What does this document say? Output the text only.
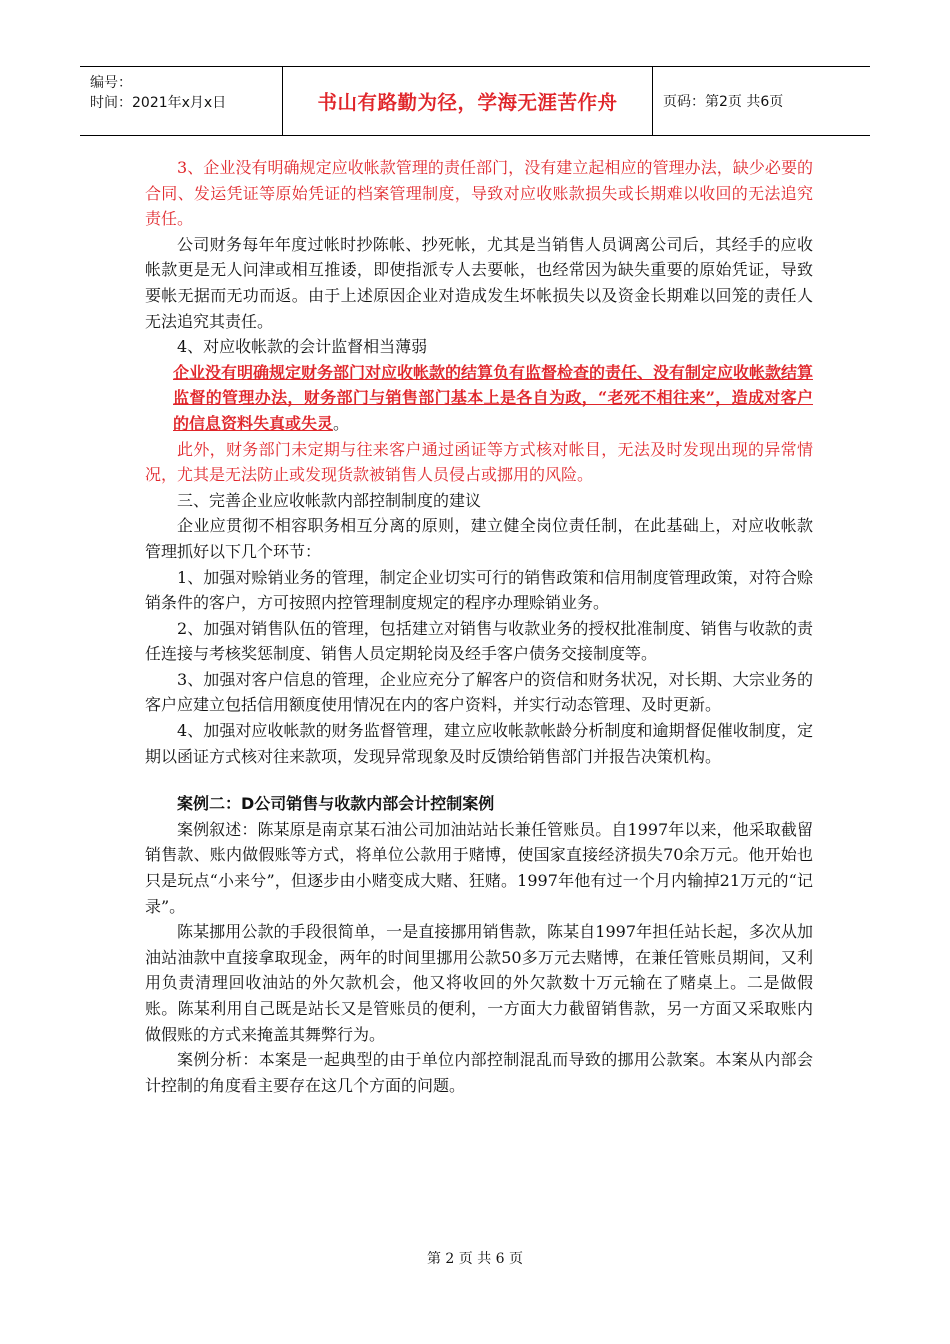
编号：
时间：2021年x月x日	书山有路勤为径，学海无涯苦作舟	页码：第2页 共6页

3、企业没有明确规定应收帐款管理的责任部门，没有建立起相应的管理办法，缺少必要的合同、发运凭证等原始凭证的档案管理制度，导致对应收账款损失或长期难以收回的无法追究责任。

公司财务每年年度过帐时抄陈帐、抄死帐，尤其是当销售人员调离公司后，其经手的应收帐款更是无人问津或相互推诿，即使指派专人去要帐，也经常因为缺失重要的原始凭证，导致要帐无据而无功而返。由于上述原因企业对造成发生坏帐损失以及资金长期难以回笼的责任人无法追究其责任。

4、对应收帐款的会计监督相当薄弱

企业没有明确规定财务部门对应收帐款的结算负有监督检查的责任、没有制定应收帐款结算监督的管理办法，财务部门与销售部门基本上是各自为政，“老死不相往来”，造成对客户的信息资料失真或失灵。

此外，财务部门未定期与往来客户通过函证等方式核对帐目，无法及时发现出现的异常情况，尤其是无法防止或发现货款被销售人员侵占或挪用的风险。

三、完善企业应收帐款内部控制制度的建议

企业应贯彻不相容职务相互分离的原则，建立健全岗位责任制，在此基础上，对应收帐款管理抓好以下几个环节：

1、加强对赊销业务的管理，制定企业切实可行的销售政策和信用制度管理政策，对符合赊销条件的客户，方可按照内控管理制度规定的程序办理赊销业务。

2、加强对销售队伍的管理，包括建立对销售与收款业务的授权批准制度、销售与收款的责任连接与考核奖惩制度、销售人员定期轮岗及经手客户债务交接制度等。

3、加强对客户信息的管理，企业应充分了解客户的资信和财务状况，对长期、大宗业务的客户应建立包括信用额度使用情况在内的客户资料，并实行动态管理、及时更新。

4、加强对应收帐款的财务监督管理，建立应收帐款帐龄分析制度和逾期督促催收制度，定期以函证方式核对往来款项，发现异常现象及时反馈给销售部门并报告决策机构。

案例二：D公司销售与收款内部会计控制案例

案例叙述：陈某原是南京某石油公司加油站站长兼任管账员。自1997年以来，他采取截留销售款、账内做假账等方式，将单位公款用于赌博，使国家直接经济损失70余万元。他开始也只是玩点“小来兮”，但逐步由小赌变成大赌、狂赌。1997年他有过一个月内输掉21万元的“记录”。

陈某挪用公款的手段很简单，一是直接挪用销售款，陈某自1997年担任站长起，多次从加油站油款中直接拿取现金，两年的时间里挪用公款50多万元去赌博，在兼任管账员期间，又利用负责清理回收油站的外欠款机会，他又将收回的外欠款数十万元输在了赌桌上。二是做假账。陈某利用自己既是站长又是管账员的便利，一方面大力截留销售款，另一方面又采取账内做假账的方式来掩盖其舞弊行为。

案例分析：本案是一起典型的由于单位内部控制混乱而导致的挪用公款案。本案从内部会计控制的角度看主要存在这几个方面的问题。

第 2 页 共 6 页
